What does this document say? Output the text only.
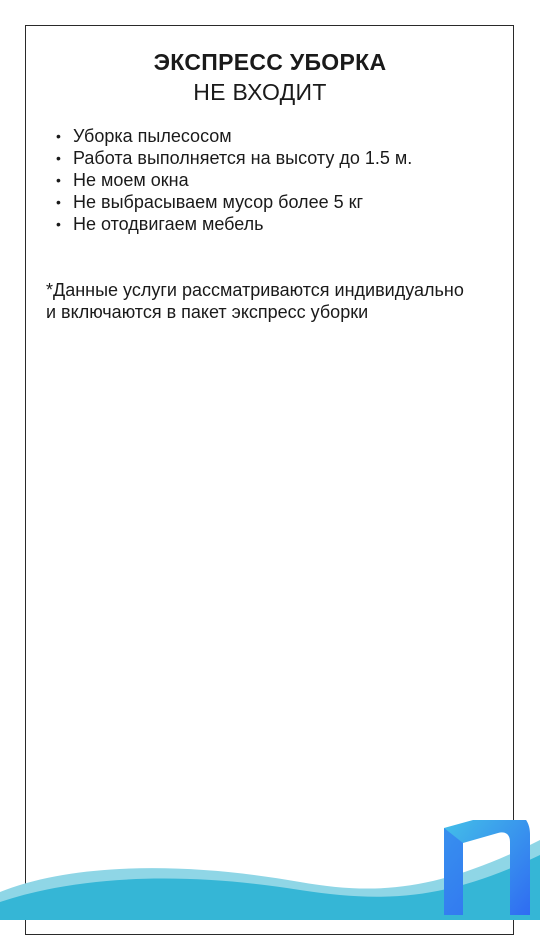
ЭКСПРЕСС УБОРКА
НЕ ВХОДИТ
• Уборка пылесосом
• Работа выполняется на высоту до 1.5 м.
• Не моем окна
• Не выбрасываем мусор более 5 кг
• Не отодвигаем мебель

*Данные услуги рассматриваются индивидуально и включаются в пакет экспресс уборки
